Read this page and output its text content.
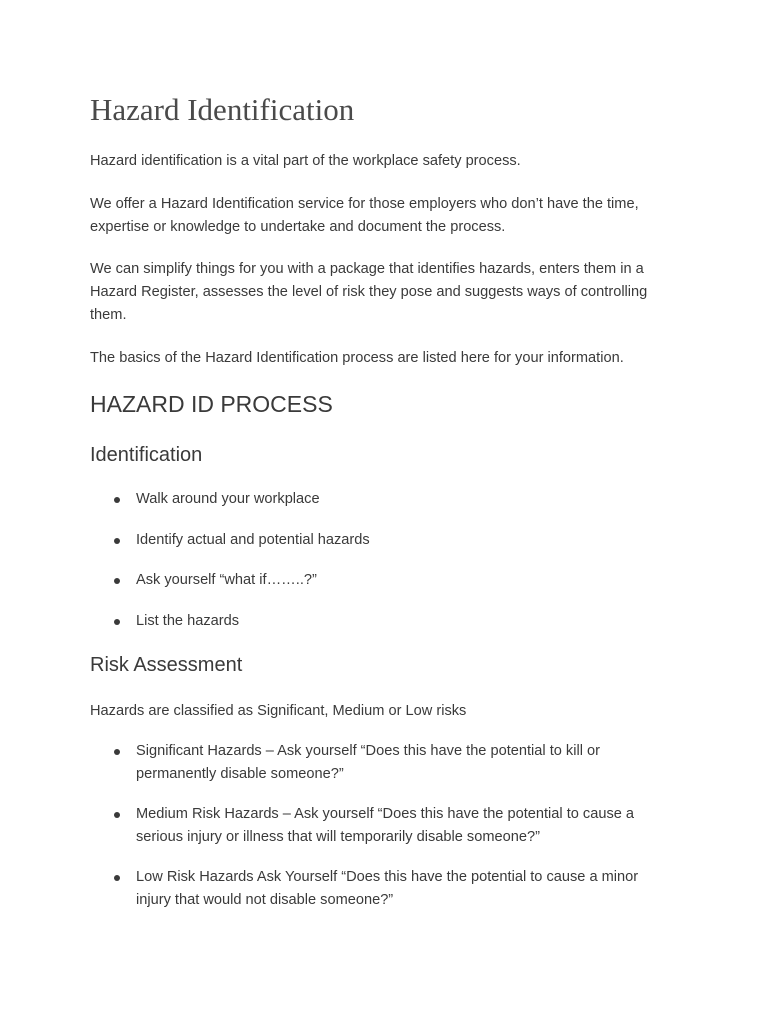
Hazard Identification

Hazard identification is a vital part of the workplace safety process.

We offer a Hazard Identification service for those employers who don’t have the time, expertise or knowledge to undertake and document the process.

We can simplify things for you with a package that identifies hazards, enters them in a Hazard Register, assesses the level of risk they pose and suggests ways of controlling them.

The basics of the Hazard Identification process are listed here for your information.

HAZARD ID PROCESS
Identification
Walk around your workplace
Identify actual and potential hazards
Ask yourself “what if……..?”
List the hazards
Risk Assessment

Hazards are classified as Significant, Medium or Low risks

Significant Hazards – Ask yourself “Does this have the potential to kill or permanently disable someone?”
Medium Risk Hazards – Ask yourself “Does this have the potential to cause a serious injury or illness that will temporarily disable someone?”
Low Risk Hazards Ask Yourself “Does this have the potential to cause a minor injury that would not disable someone?”
